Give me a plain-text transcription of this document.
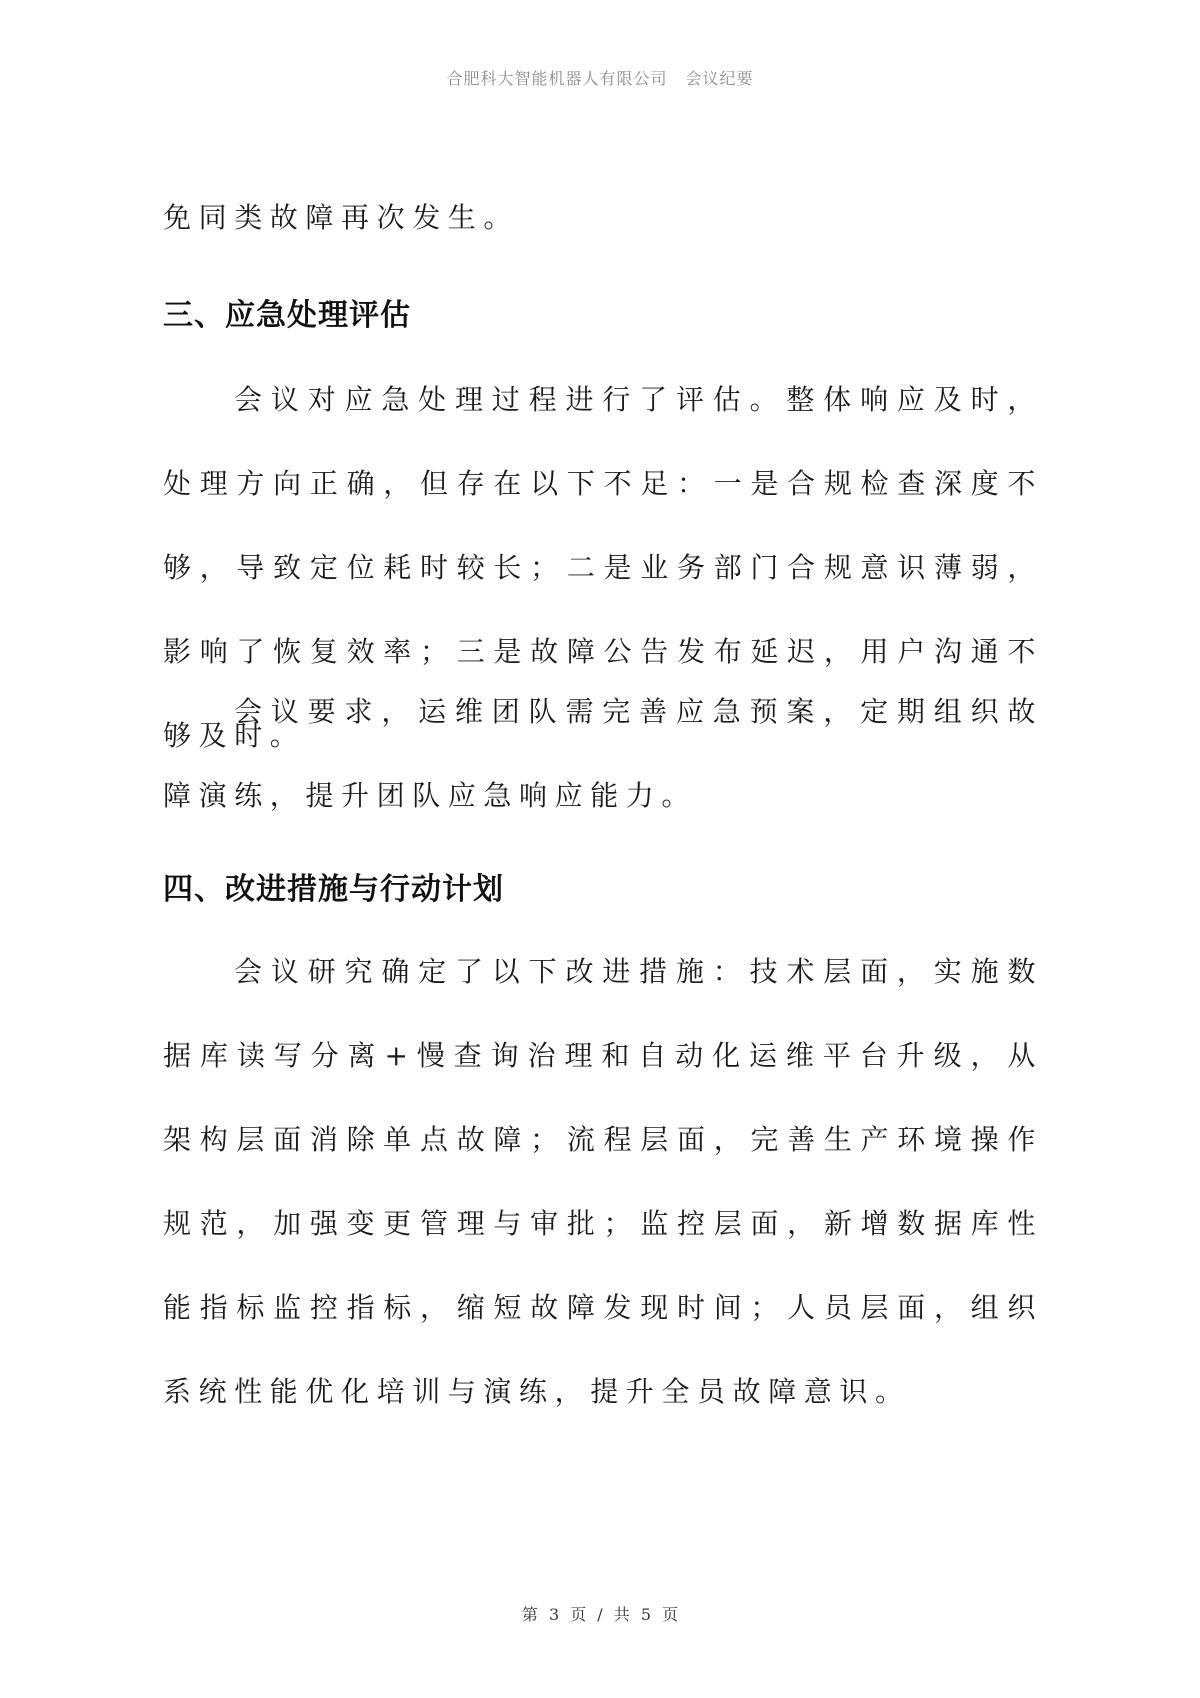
合肥科大智能机器人有限公司 会议纪要

免同类故障再次发生。

三、应急处理评估

会议对应急处理过程进行了评估。整体响应及时，处理方向正确，但存在以下不足：一是合规检查深度不够，导致定位耗时较长；二是业务部门合规意识薄弱，影响了恢复效率；三是故障公告发布延迟，用户沟通不够及时。

会议要求，运维团队需完善应急预案，定期组织故障演练，提升团队应急响应能力。

四、改进措施与行动计划

会议研究确定了以下改进措施：技术层面，实施数据库读写分离+慢查询治理和自动化运维平台升级，从架构层面消除单点故障；流程层面，完善生产环境操作规范，加强变更管理与审批；监控层面，新增数据库性能指标监控指标，缩短故障发现时间；人员层面，组织系统性能优化培训与演练，提升全员故障意识。

第 3 页 / 共 5 页
